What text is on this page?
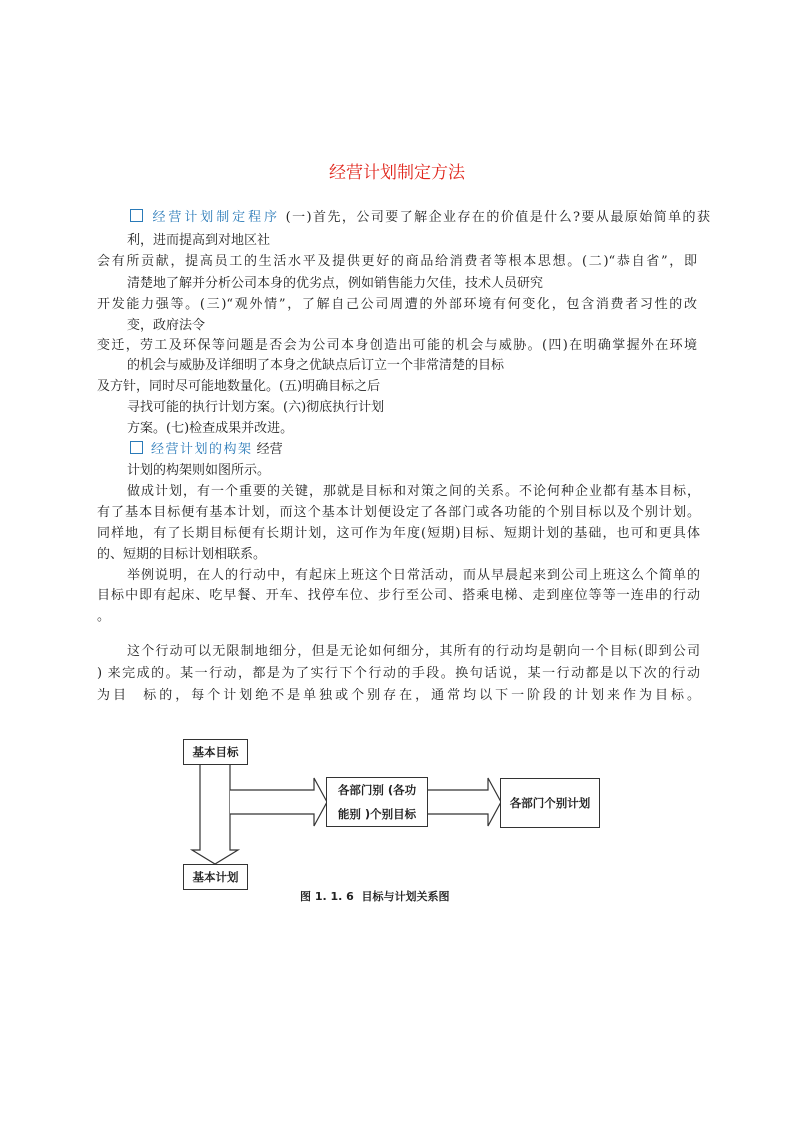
经营计划制定方法
经营计划制定程序 (一)首先，公司要了解企业存在的价值是什么?要从最原始简单的获
利，进而提高到对地区社
会有所贡献，提高员工的生活水平及提供更好的商品给消费者等根本思想。(二)“恭自省”，即
清楚地了解并分析公司本身的优劣点，例如销售能力欠佳，技术人员研究
开发能力强等。(三)“观外情”，了解自己公司周遭的外部环境有何变化，包含消费者习性的改
变，政府法令
变迁，劳工及环保等问题是否会为公司本身创造出可能的机会与威胁。(四)在明确掌握外在环境
的机会与威胁及详细明了本身之优缺点后订立一个非常清楚的目标
及方针，同时尽可能地数量化。(五)明确目标之后
寻找可能的执行计划方案。(六)彻底执行计划
方案。(七)检查成果并改进。
经营计划的构架 经营
计划的构架则如图所示。
做成计划，有一个重要的关键，那就是目标和对策之间的关系。不论何种企业都有基本目标，
有了基本目标便有基本计划，而这个基本计划便设定了各部门或各功能的个别目标以及个别计划。
同样地，有了长期目标便有长期计划，这可作为年度(短期)目标、短期计划的基础，也可和更具体
的、短期的目标计划相联系。
举例说明，在人的行动中，有起床上班这个日常活动，而从早晨起来到公司上班这么个简单的
目标中即有起床、吃早餐、开车、找停车位、步行至公司、搭乘电梯、走到座位等等一连串的行动
。
这个行动可以无限制地细分，但是无论如何细分，其所有的行动均是朝向一个目标(即到公司
) 来完成的。某一行动，都是为了实行下个行动的手段。换句话说，某一行动都是以下次的行动
为目  标的，每个计划绝不是单独或个别存在，通常均以下一阶段的计划来作为目标。
基本目标
基本计划
各部门别 (各功
能别 )个别目标
各部门个别计划
图 1. 1. 6  目标与计划关系图
